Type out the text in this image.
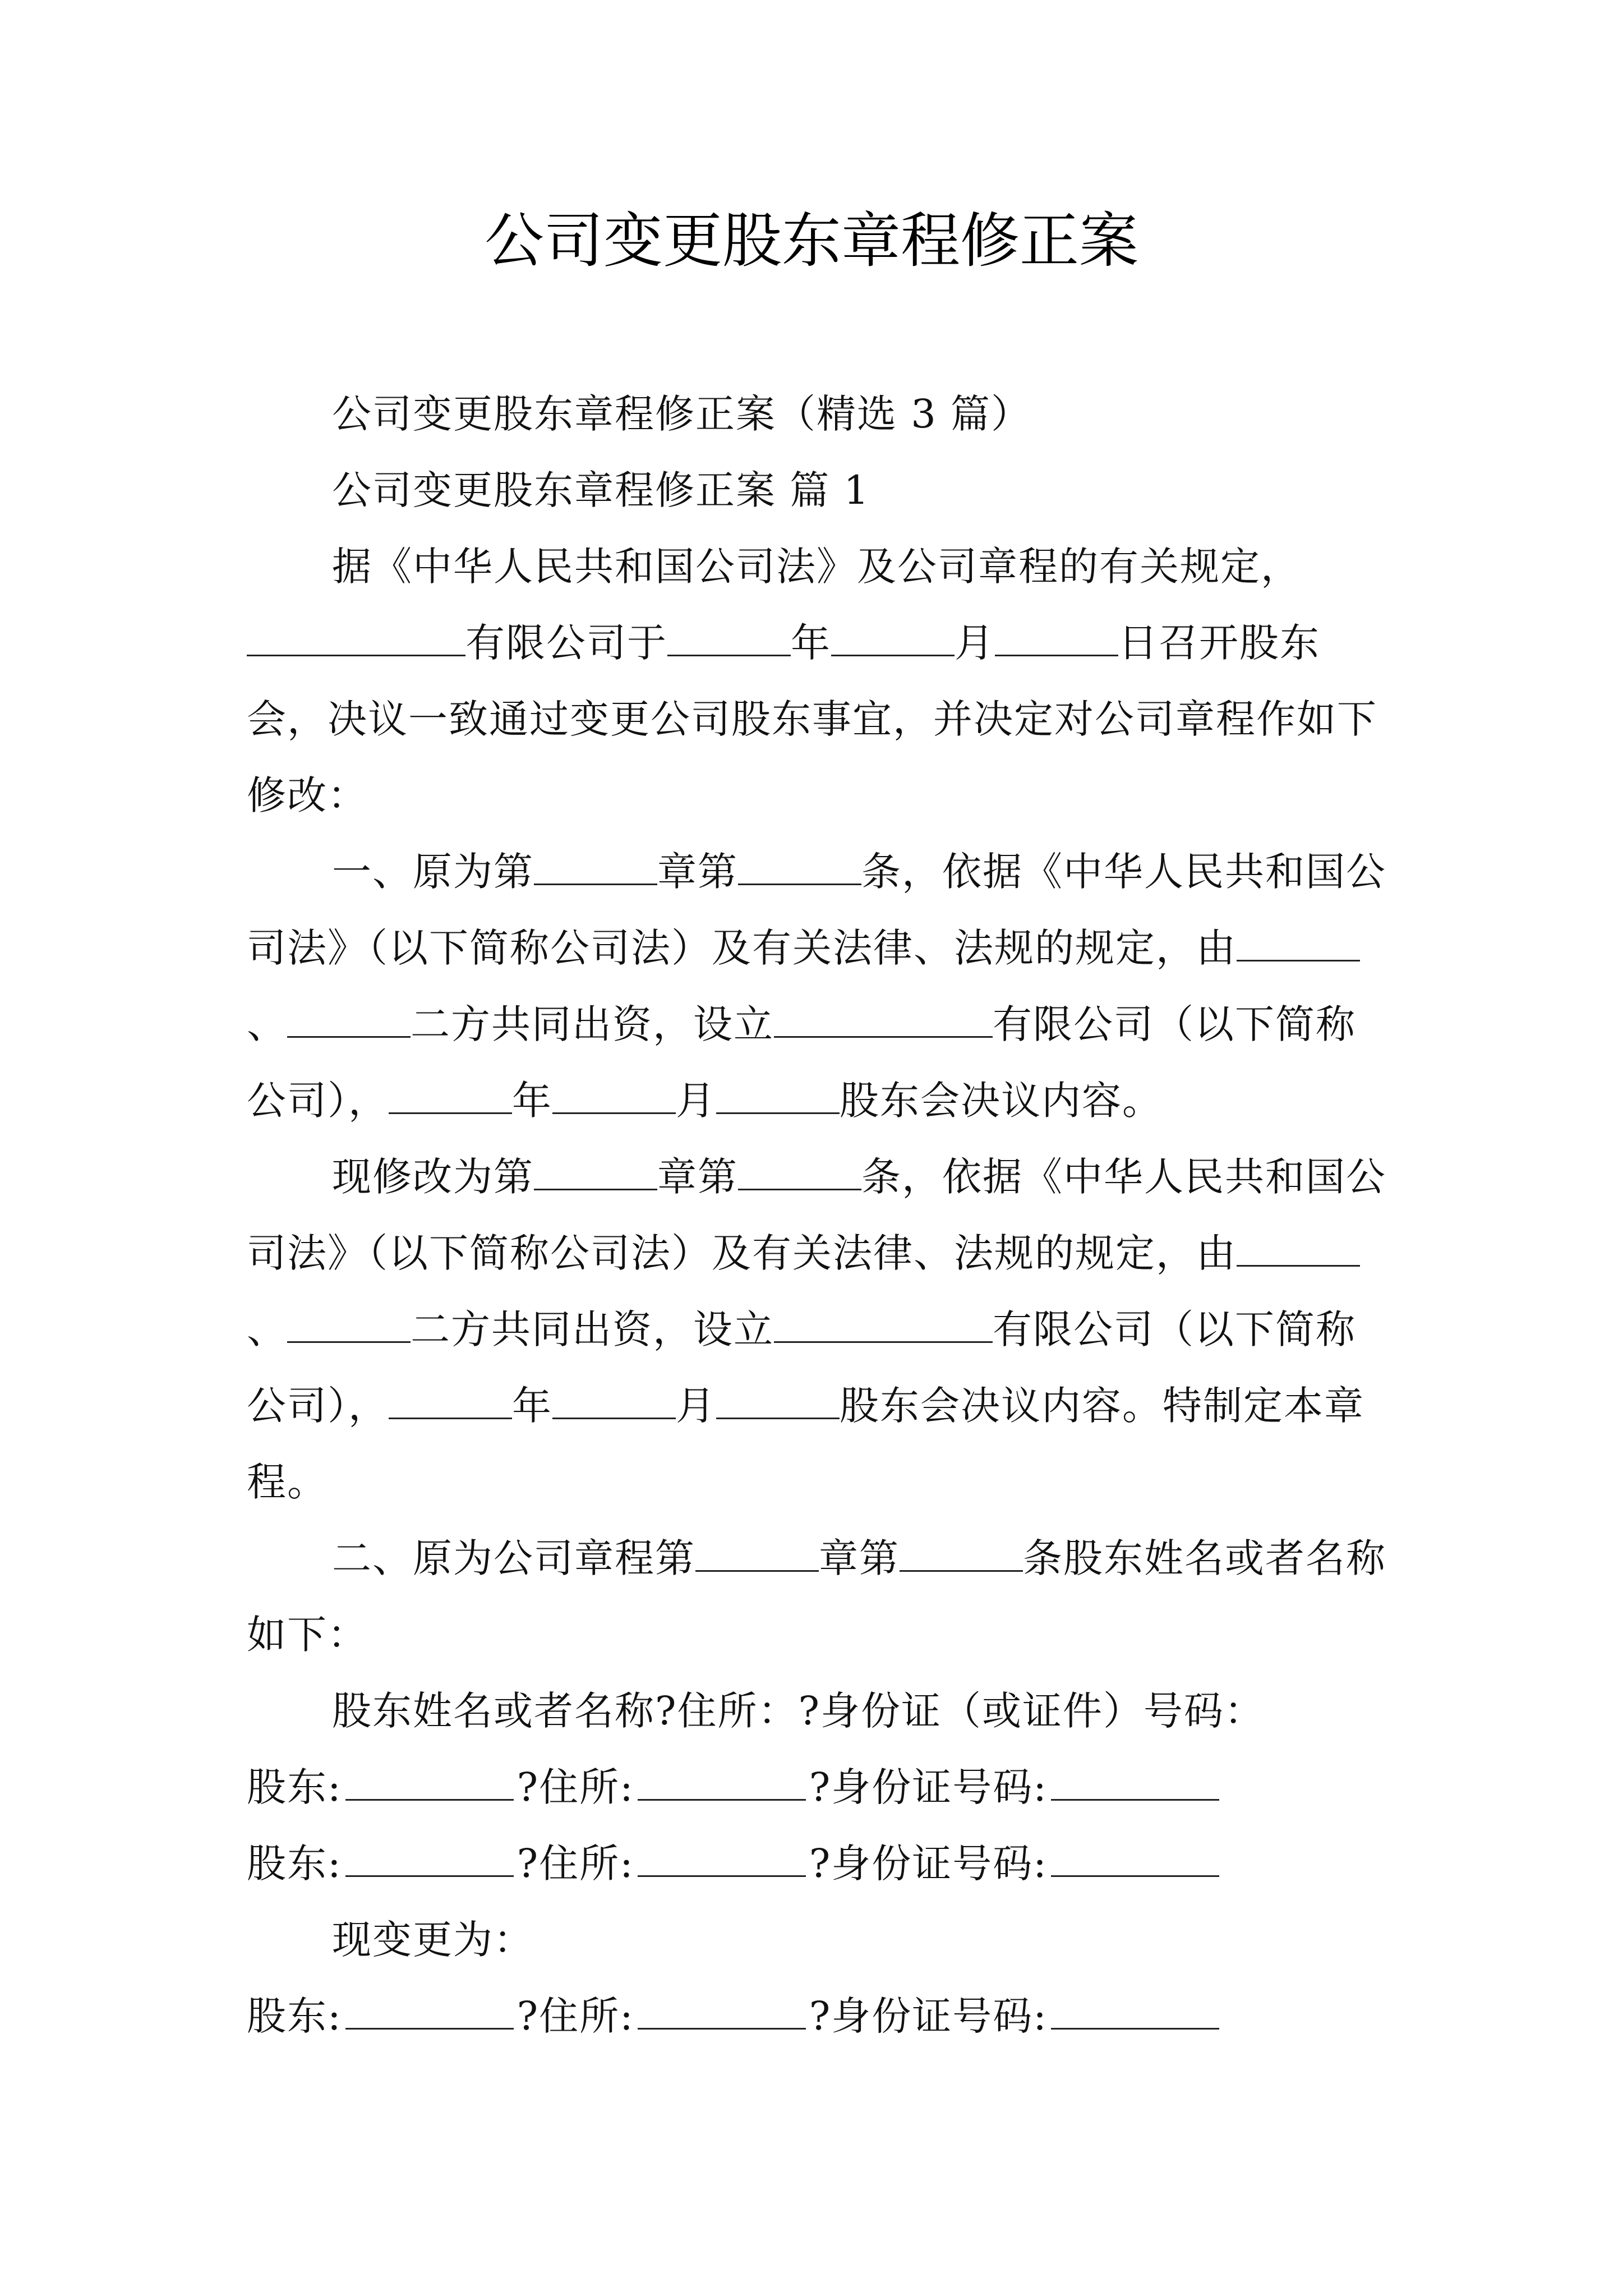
公司变更股东章程修正案

公司变更股东章程修正案（精选 3 篇）

公司变更股东章程修正案 篇 1

据《中华人民共和国公司法》及公司章程的有关规定，有限公司于	年	月	日召开股东会，决议一致通过变更公司股东事宜，并决定对公司章程作如下修改：

一、原为第	章第	条，依据《中华人民共和国公司法》（以下简称公司法）及有关法律、法规的规定，由、	二方共同出资，设立	有限公司（以下简称公司），	年	月	股东会决议内容。

现修改为第	章第	条，依据《中华人民共和国公司法》（以下简称公司法）及有关法律、法规的规定，由、	二方共同出资，设立	有限公司（以下简称公司），	年	月	股东会决议内容。特制定本章程。

二、原为公司章程第	章第	条股东姓名或者名称如下：

股东姓名或者名称?住所：?身份证（或证件）号码：

股东:	?住所:	?身份证号码:

股东:	?住所:	?身份证号码:

现变更为：

股东:	?住所:	?身份证号码:
